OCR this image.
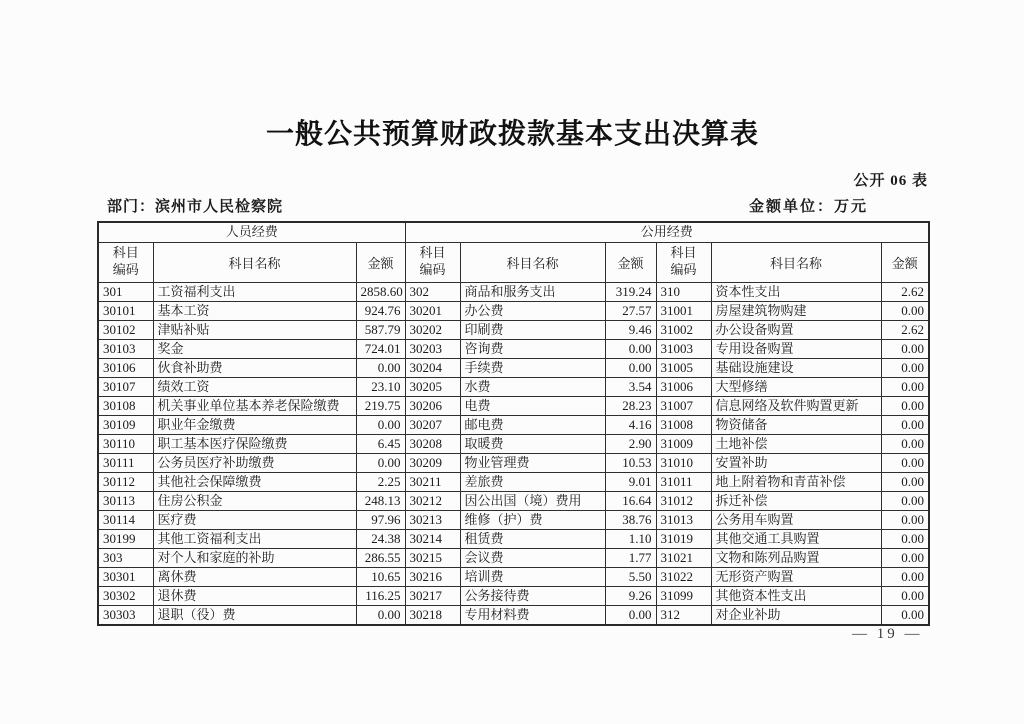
一般公共预算财政拨款基本支出决算表
公开 06 表
部门：滨州市人民检察院	金额单位：万元
人员经费			公用经费					
科目编码	科目名称	金额	科目编码	科目名称	金额	科目编码	科目名称	金额
301	工资福利支出	2858.60	302	商品和服务支出	319.24	310	资本性支出	2.62
30101	基本工资	924.76	30201	办公费	27.57	31001	房屋建筑物购建	0.00
30102	津贴补贴	587.79	30202	印刷费	9.46	31002	办公设备购置	2.62
30103	奖金	724.01	30203	咨询费	0.00	31003	专用设备购置	0.00
30106	伙食补助费	0.00	30204	手续费	0.00	31005	基础设施建设	0.00
30107	绩效工资	23.10	30205	水费	3.54	31006	大型修缮	0.00
30108	机关事业单位基本养老保险缴费	219.75	30206	电费	28.23	31007	信息网络及软件购置更新	0.00
30109	职业年金缴费	0.00	30207	邮电费	4.16	31008	物资储备	0.00
30110	职工基本医疗保险缴费	6.45	30208	取暖费	2.90	31009	土地补偿	0.00
30111	公务员医疗补助缴费	0.00	30209	物业管理费	10.53	31010	安置补助	0.00
30112	其他社会保障缴费	2.25	30211	差旅费	9.01	31011	地上附着物和青苗补偿	0.00
30113	住房公积金	248.13	30212	因公出国（境）费用	16.64	31012	拆迁补偿	0.00
30114	医疗费	97.96	30213	维修（护）费	38.76	31013	公务用车购置	0.00
30199	其他工资福利支出	24.38	30214	租赁费	1.10	31019	其他交通工具购置	0.00
303	对个人和家庭的补助	286.55	30215	会议费	1.77	31021	文物和陈列品购置	0.00
30301	离休费	10.65	30216	培训费	5.50	31022	无形资产购置	0.00
30302	退休费	116.25	30217	公务接待费	9.26	31099	其他资本性支出	0.00
30303	退职（役）费	0.00	30218	专用材料费	0.00	312	对企业补助	0.00
— 19 —
